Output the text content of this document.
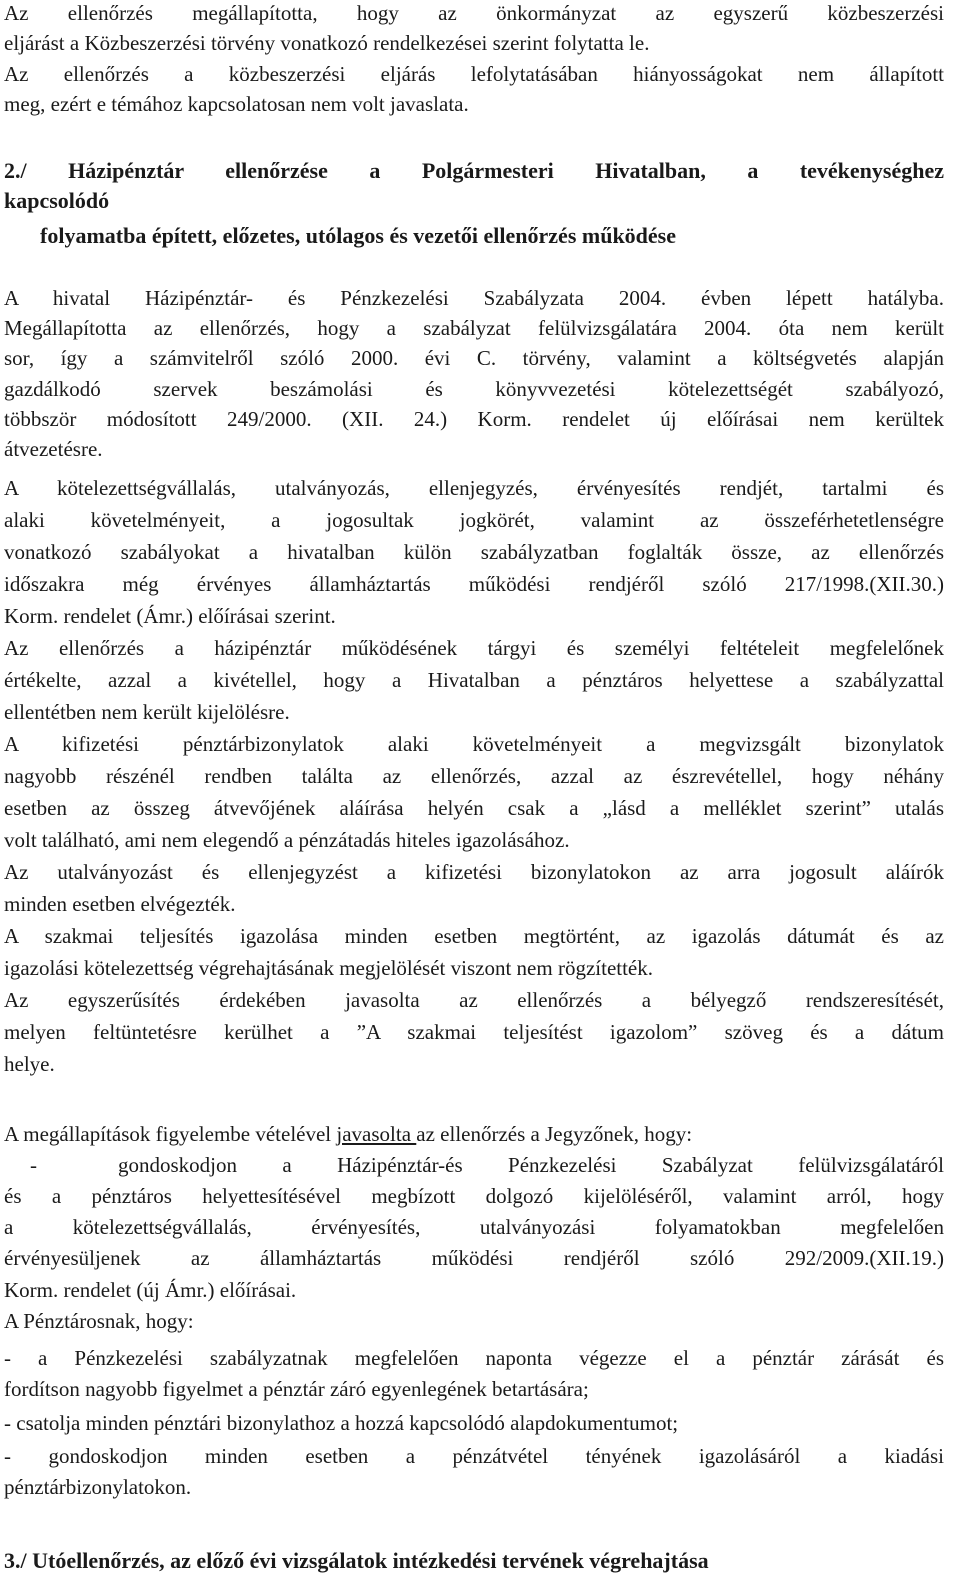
Az ellenőrzés megállapította, hogy az önkormányzat az egyszerű közbeszerzési
eljárást a Közbeszerzési törvény vonatkozó rendelkezései szerint folytatta le.
Az ellenőrzés a közbeszerzési eljárás lefolytatásában hiányosságokat nem állapított
meg, ezért e témához kapcsolatosan nem volt javaslata.
2./ Házipénztár ellenőrzése a Polgármesteri Hivatalban, a tevékenységhez
kapcsolódó
folyamatba épített, előzetes, utólagos és vezetői ellenőrzés működése
A hivatal Házipénztár- és Pénzkezelési Szabályzata 2004. évben lépett hatályba.
Megállapította az ellenőrzés, hogy a szabályzat felülvizsgálatára 2004. óta nem került
sor, így a számvitelről szóló 2000. évi C. törvény, valamint a költségvetés alapján
gazdálkodó szervek beszámolási és könyvvezetési kötelezettségét szabályozó,
többször módosított 249/2000. (XII. 24.) Korm. rendelet új előírásai nem kerültek
átvezetésre.
A kötelezettségvállalás, utalványozás, ellenjegyzés, érvényesítés rendjét, tartalmi és
alaki követelményeit, a jogosultak jogkörét, valamint az összeférhetetlenségre
vonatkozó szabályokat a hivatalban külön szabályzatban foglalták össze, az ellenőrzés
időszakra még érvényes államháztartás működési rendjéről szóló 217/1998.(XII.30.)
Korm. rendelet (Ámr.) előírásai szerint.
Az ellenőrzés a házipénztár működésének tárgyi és személyi feltételeit megfelelőnek
értékelte, azzal a kivétellel, hogy a Hivatalban a pénztáros helyettese a szabályzattal
ellentétben nem került kijelölésre.
A kifizetési pénztárbizonylatok alaki követelményeit a megvizsgált bizonylatok
nagyobb részénél rendben találta az ellenőrzés, azzal az észrevétellel, hogy néhány
esetben az összeg átvevőjének aláírása helyén csak a „lásd a melléklet szerint” utalás
volt található, ami nem elegendő a pénzátadás hiteles igazolásához.
Az utalványozást és ellenjegyzést a kifizetési bizonylatokon az arra jogosult aláírók
minden esetben elvégezték.
A szakmai teljesítés igazolása minden esetben megtörtént, az igazolás dátumát és az
igazolási kötelezettség végrehajtásának megjelölését viszont nem rögzítették.
Az egyszerűsítés érdekében javasolta az ellenőrzés a bélyegző rendszeresítését,
melyen feltüntetésre kerülhet a ”A szakmai teljesítést igazolom” szöveg és a dátum
helye.
A megállapítások figyelembe vételével javasolta az ellenőrzés a Jegyzőnek, hogy:
-	gondoskodjon a Házipénztár-és Pénzkezelési Szabályzat felülvizsgálatáról
és a pénztáros helyettesítésével megbízott dolgozó kijelöléséről, valamint arról, hogy
a kötelezettségvállalás, érvényesítés, utalványozási folyamatokban megfelelően
érvényesüljenek az államháztartás működési rendjéről szóló 292/2009.(XII.19.)
Korm. rendelet (új Ámr.) előírásai.
A Pénztárosnak, hogy:
- a Pénzkezelési szabályzatnak megfelelően naponta végezze el a pénztár zárását és
fordítson nagyobb figyelmet a pénztár záró egyenlegének betartására;
- csatolja minden pénztári bizonylathoz a hozzá kapcsolódó alapdokumentumot;
- gondoskodjon minden esetben a pénzátvétel tényének igazolásáról a kiadási
pénztárbizonylatokon.
3./ Utóellenőrzés, az előző évi vizsgálatok intézkedési tervének végrehajtása
